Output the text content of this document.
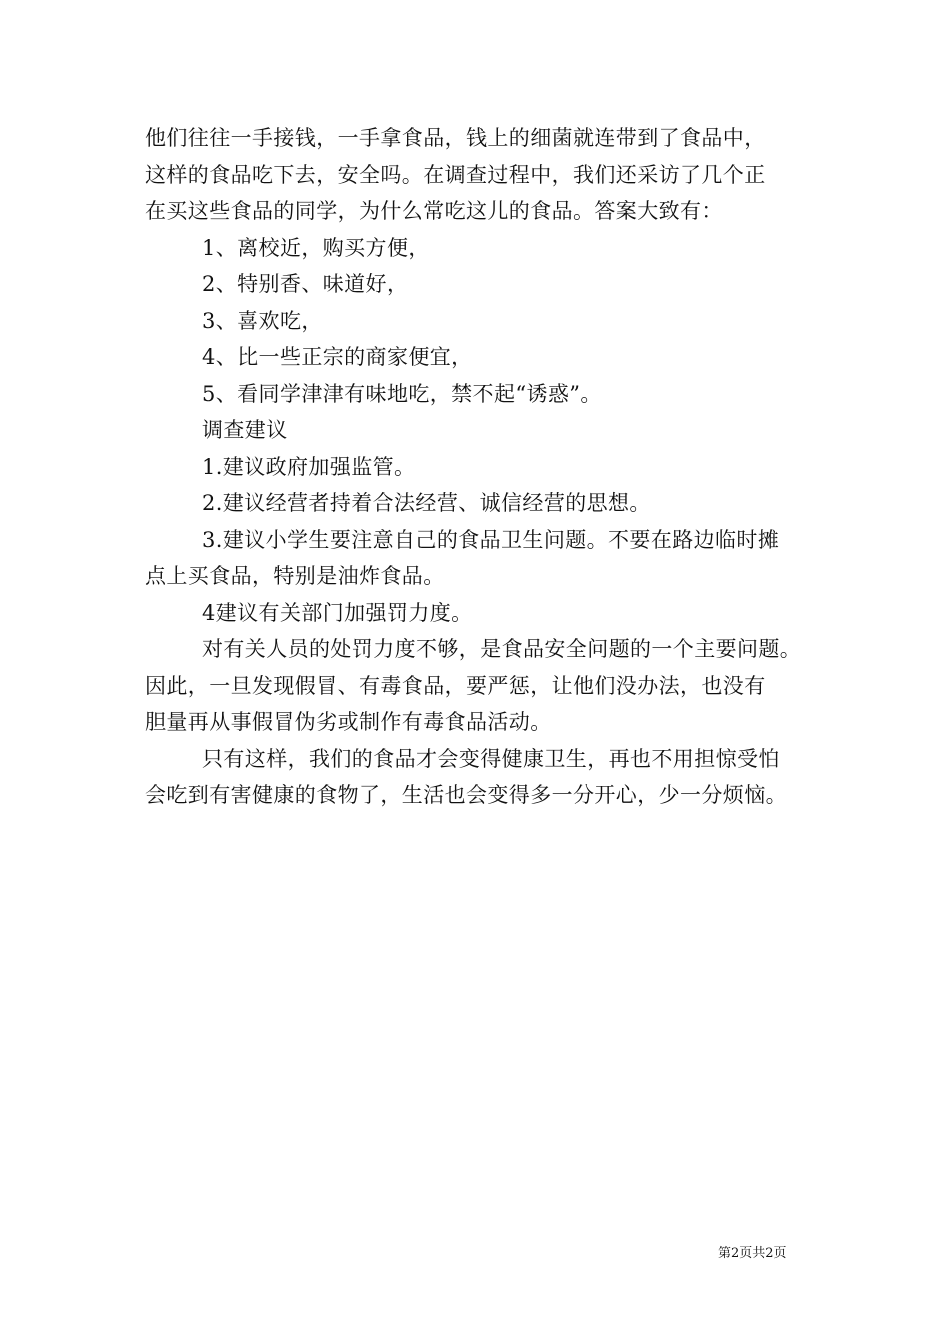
他们往往一手接钱，一手拿食品，钱上的细菌就连带到了食品中，
这样的食品吃下去，安全吗。在调查过程中，我们还采访了几个正
在买这些食品的同学，为什么常吃这儿的食品。答案大致有：
1、离校近，购买方便，
2、特别香、味道好，
3、喜欢吃，
4、比一些正宗的商家便宜，
5、看同学津津有味地吃，禁不起“诱惑”。
调查建议
1.建议政府加强监管。
2.建议经营者持着合法经营、诚信经营的思想。
3.建议小学生要注意自己的食品卫生问题。不要在路边临时摊
点上买食品，特别是油炸食品。
4建议有关部门加强罚力度。
对有关人员的处罚力度不够，是食品安全问题的一个主要问题。
因此，一旦发现假冒、有毒食品，要严惩，让他们没办法，也没有
胆量再从事假冒伪劣或制作有毒食品活动。
只有这样，我们的食品才会变得健康卫生，再也不用担惊受怕
会吃到有害健康的食物了，生活也会变得多一分开心，少一分烦恼。
第2页共2页
